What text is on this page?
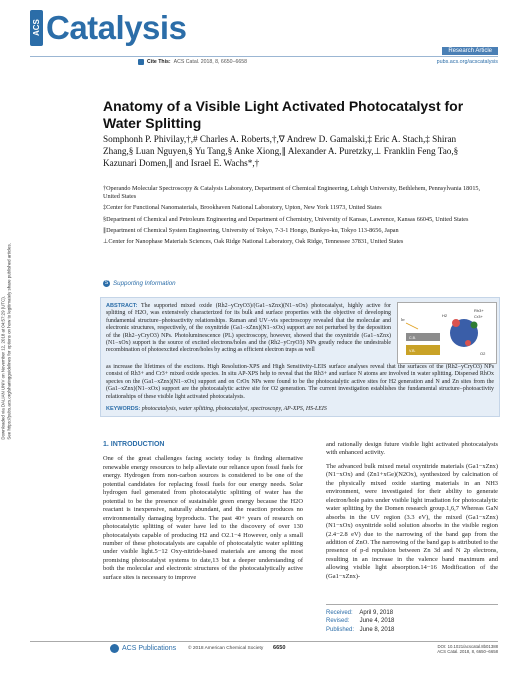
Downloaded via DALIAN UNIV on November 12, 2018 at 04:57:29 (UTC). See https://pubs.acs.org/sharingguidelines for options on how to legitimately share published articles.
ACS Catalysis
Research Article
Cite This: ACS Catal. 2018, 8, 6650−6658	pubs.acs.org/acscatalysis
Anatomy of a Visible Light Activated Photocatalyst for Water Splitting
Somphonh P. Phivilay,†,# Charles A. Roberts,†,∇ Andrew D. Gamalski,‡ Eric A. Stach,‡ Shiran Zhang,§ Luan Nguyen,§ Yu Tang,§ Anke Xiong,∥ Alexander A. Puretzky,⊥ Franklin Feng Tao,§ Kazunari Domen,∥ and Israel E. Wachs*,†

†Operando Molecular Spectroscopy & Catalysis Laboratory, Department of Chemical Engineering, Lehigh University, Bethlehem, Pennsylvania 18015, United States

‡Center for Functional Nanomaterials, Brookhaven National Laboratory, Upton, New York 11973, United States

§Department of Chemical and Petroleum Engineering and Department of Chemistry, University of Kansas, Lawrence, Kansas 66045, United States

∥Department of Chemical System Engineering, University of Tokyo, 7-3-1 Hongo, Bunkyo-ku, Tokyo 113-8656, Japan

⊥Center for Nanophase Materials Sciences, Oak Ridge National Laboratory, Oak Ridge, Tennessee 37831, United States

S Supporting Information
ABSTRACT: The supported mixed oxide (Rh2−yCryO3)/(Ga1−xZnx)(N1−xOx) photocatalyst, highly active for splitting of H2O, was extensively characterized for its bulk and surface properties with the objective of developing fundamental structure−photoactivity relationships. Raman and UV−vis spectroscopy revealed that the molecular and electronic structures, respectively, of the oxynitride (Ga1−xZnx)(N1−xOx) support are not perturbed by the deposition of the (Rh2−yCryO3) NPs. Photoluminescence (PL) spectroscopy, however, showed that the oxynitride (Ga1−xZnx)(N1−xOx) support is the source of excited electrons/holes and the (Rh2−yCryO3) NPs greatly reduce the undesirable recombination of photoexcited electron/holes by acting as efficient electron traps as well
as increase the lifetimes of the excitons. High Resolution-XPS and High Sensitivity-LEIS surface analyses reveal that the surfaces of the (Rh2−yCryO3) NPs consist of Rh3+ and Cr3+ mixed oxide species. In situ AP-XPS help to reveal that the Rh3+ and surface N atoms are involved in water splitting. Dispersed RhOx species on the (Ga1−xZnx)(N1−xOx) support and on CrOx NPs were found to be the photocatalytic active sites for H2 generation and N and Zn sites from the (Ga1−xZnx)(N1−xOx) support are the photocatalytic active site for O2 generation. The current investigation establishes the fundamental structure−photoactivity relationships of these visible light activated photocatalysts.
KEYWORDS: photocatalysis, water splitting, photocatalyst, spectroscopy, AP-XPS, HS-LEIS
C.B.
V.B.
hν
Rh3+
Cr3+
H2
O2
1. INTRODUCTION

One of the great challenges facing society today is finding alternative renewable energy resources to help alleviate our reliance upon fossil fuels for energy. Hydrogen from non-carbon sources is considered to be one of the potential candidates for replacing fossil fuels for our energy needs. Solar hydrogen fuel generated from photocatalytic splitting of water has the potential to be the presence of sustainable green energy because the H2O reactant is inexpensive, naturally abundant, and the reaction produces no environmentally damaging byproducts. The past 40+ years of research on photocatalytic splitting of water have led to the discovery of over 130 photocatalysts capable of producing H2 and O2.1−4 However, only a small number of these photocatalysts are capable of photocatalytic water splitting under visible light.5−12 Oxy-nitride-based materials are among the most promising photocatalyst systems to date,13 but a deeper understanding of both the molecular and electronic structures of the photocatalytically active surface sites is necessary to improve

and rationally design future visible light activated photocatalysts with enhanced activity.

The advanced bulk mixed metal oxynitride materials (Ga1−xZnx)(N1−xOx) and (Zn1+xGe)(N2Ox), synthesized by calcination of the physically mixed oxide starting materials in an NH3 environment, were investigated for their ability to generate electron/hole pairs under visible light irradiation for photocatalytic water splitting by the Domen research group.1,6,7 Whereas GaN absorbs in the UV region (3.3 eV), the mixed (Ga1−xZnx)(N1−xOx) oxynitride solid solution absorbs in the visible region (2.4−2.8 eV) due to the narrowing of the band gap from the addition of ZnO. The narrowing of the band gap is attributed to the presence of p-d repulsion between Zn 3d and N 2p electrons, resulting in an increase in the valence band maximum and allowing visible light absorption.14−16 Modification of the (Ga1−xZnx)-

Received: April 9, 2018
Revised: June 4, 2018
Published: June 8, 2018
ACS Publications © 2018 American Chemical Society 6650	DOI: 10.1021/acscatal.8b01388
ACS Catal. 2018, 8, 6650−6658
